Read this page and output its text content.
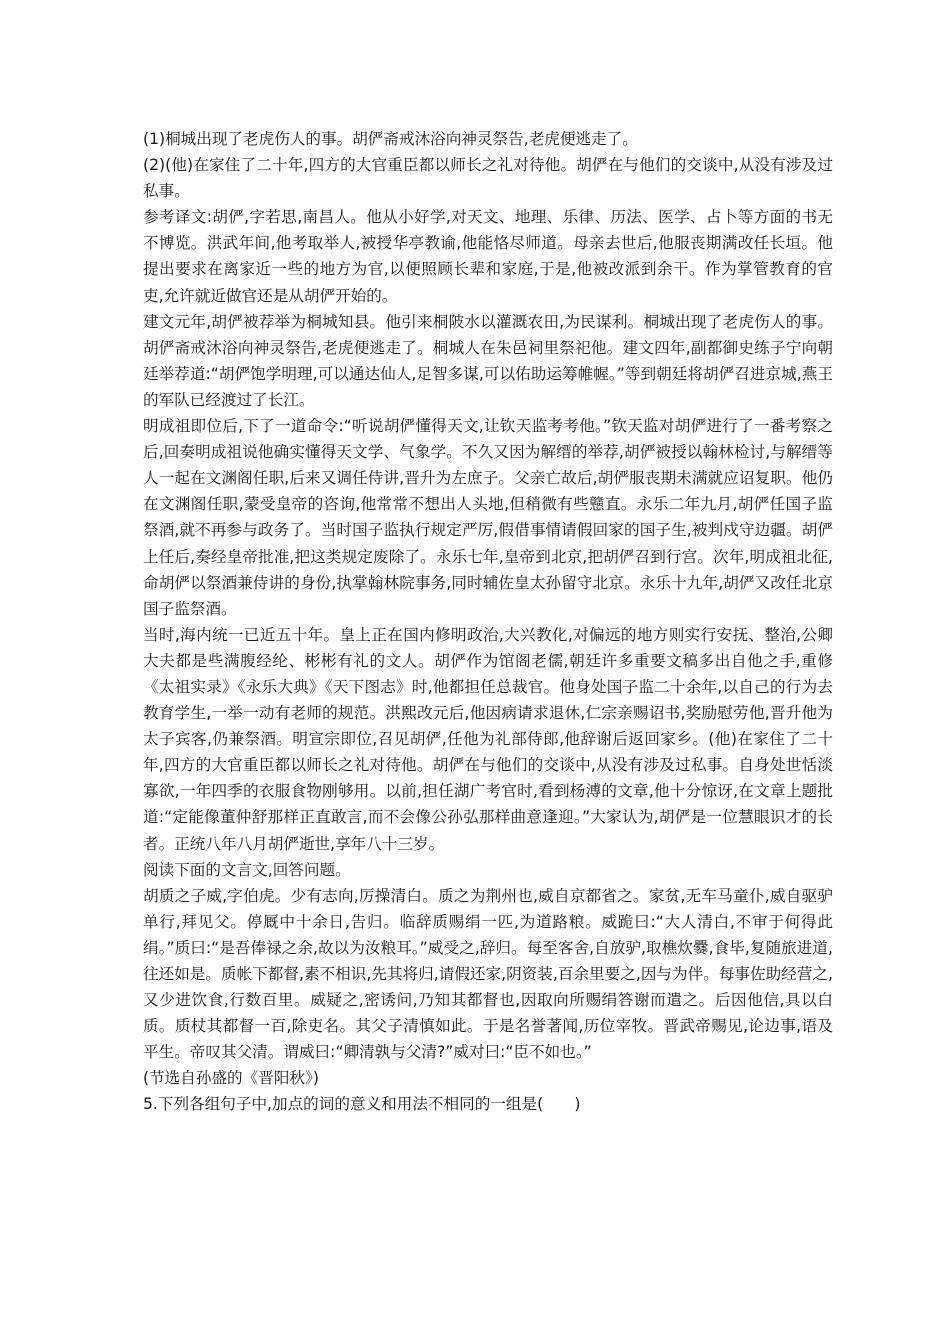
(1)桐城出现了老虎伤人的事。胡俨斋戒沐浴向神灵祭告,老虎便逃走了。

(2)(他)在家住了二十年,四方的大官重臣都以师长之礼对待他。胡俨在与他们的交谈中,从没有涉及过私事。

参考译文:胡俨,字若思,南昌人。他从小好学,对天文、地理、乐律、历法、医学、占卜等方面的书无不博览。洪武年间,他考取举人,被授华亭教谕,他能恪尽师道。母亲去世后,他服丧期满改任长垣。他提出要求在离家近一些的地方为官,以便照顾长辈和家庭,于是,他被改派到余干。作为掌管教育的官吏,允许就近做官还是从胡俨开始的。

建文元年,胡俨被荐举为桐城知县。他引来桐陂水以灌溉农田,为民谋利。桐城出现了老虎伤人的事。胡俨斋戒沐浴向神灵祭告,老虎便逃走了。桐城人在朱邑祠里祭祀他。建文四年,副都御史练子宁向朝廷举荐道:“胡俨饱学明理,可以通达仙人,足智多谋,可以佑助运筹帷幄。”等到朝廷将胡俨召进京城,燕王的军队已经渡过了长江。

明成祖即位后,下了一道命令:“听说胡俨懂得天文,让钦天监考考他。”钦天监对胡俨进行了一番考察之后,回奏明成祖说他确实懂得天文学、气象学。不久又因为解缙的举荐,胡俨被授以翰林检讨,与解缙等人一起在文渊阁任职,后来又调任侍讲,晋升为左庶子。父亲亡故后,胡俨服丧期未满就应诏复职。他仍在文渊阁任职,蒙受皇帝的咨询,他常常不想出人头地,但稍微有些戆直。永乐二年九月,胡俨任国子监祭酒,就不再参与政务了。当时国子监执行规定严厉,假借事情请假回家的国子生,被判戍守边疆。胡俨上任后,奏经皇帝批准,把这类规定废除了。永乐七年,皇帝到北京,把胡俨召到行宫。次年,明成祖北征,命胡俨以祭酒兼侍讲的身份,执掌翰林院事务,同时辅佐皇太孙留守北京。永乐十九年,胡俨又改任北京国子监祭酒。

当时,海内统一已近五十年。皇上正在国内修明政治,大兴教化,对偏远的地方则实行安抚、整治,公卿大夫都是些满腹经纶、彬彬有礼的文人。胡俨作为馆阁老儒,朝廷许多重要文稿多出自他之手,重修《太祖实录》《永乐大典》《天下图志》时,他都担任总裁官。他身处国子监二十余年,以自己的行为去教育学生,一举一动有老师的规范。洪熙改元后,他因病请求退休,仁宗亲赐诏书,奖励慰劳他,晋升他为太子宾客,仍兼祭酒。明宣宗即位,召见胡俨,任他为礼部侍郎,他辞谢后返回家乡。(他)在家住了二十年,四方的大官重臣都以师长之礼对待他。胡俨在与他们的交谈中,从没有涉及过私事。自身处世恬淡寡欲,一年四季的衣服食物刚够用。以前,担任湖广考官时,看到杨溥的文章,他十分惊讶,在文章上题批道:“定能像董仲舒那样正直敢言,而不会像公孙弘那样曲意逢迎。”大家认为,胡俨是一位慧眼识才的长者。正统八年八月胡俨逝世,享年八十三岁。

阅读下面的文言文,回答问题。

胡质之子威,字伯虎。少有志向,厉操清白。质之为荆州也,威自京都省之。家贫,无车马童仆,威自驱驴单行,拜见父。停厩中十余日,告归。临辞质赐绢一匹,为道路粮。威跪曰:“大人清白,不审于何得此绢。”质曰:“是吾俸禄之余,故以为汝粮耳。”威受之,辞归。每至客舍,自放驴,取樵炊爨,食毕,复随旅进道,往还如是。质帐下都督,素不相识,先其将归,请假还家,阴资装,百余里要之,因与为伴。每事佐助经营之,又少进饮食,行数百里。威疑之,密诱问,乃知其都督也,因取向所赐绢答谢而遣之。后因他信,具以白质。质杖其都督一百,除吏名。其父子清慎如此。于是名誉著闻,历位宰牧。晋武帝赐见,论边事,语及平生。帝叹其父清。谓威曰:“卿清孰与父清?”威对曰:“臣不如也。”

(节选自孙盛的《晋阳秋》)

5.下列各组句子中,加点的词的意义和用法不相同的一组是(　　)
